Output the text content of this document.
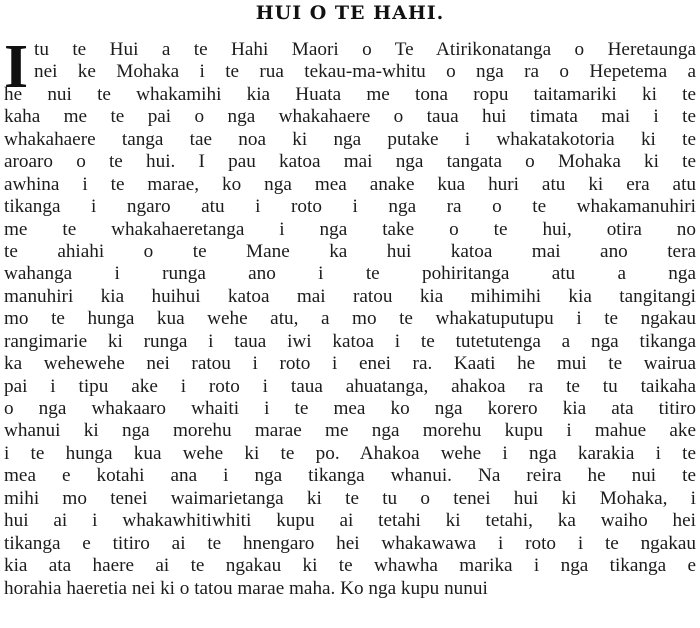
HUI O TE HAHI.
I tu te Hui a te Hahi Maori o Te Atirikonatanga o Heretaunga
nei ke Mohaka i te rua tekau-ma-whitu o nga ra o Hepetema a
he nui te whakamihi kia Huata me tona ropu taitamariki ki te
kaha me te pai o nga whakahaere o taua hui timata mai i te
whakahaere tanga tae noa ki nga putake i whakatakotoria ki te
aroaro o te hui. I pau katoa mai nga tangata o Mohaka ki te
awhina i te marae, ko nga mea anake kua huri atu ki era atu
tikanga i ngaro atu i roto i nga ra o te whakamanuhiri
me te whakahaeretanga i nga take o te hui, otira no
te ahiahi o te Mane ka hui katoa mai ano tera
wahanga i runga ano i te pohiritanga atu a nga
manuhiri kia huihui katoa mai ratou kia mihimihi kia tangitangi
mo te hunga kua wehe atu, a mo te whakatuputupu i te ngakau
rangimarie ki runga i taua iwi katoa i te tutetutenga a nga tikanga
ka wehewehe nei ratou i roto i enei ra. Kaati he mui te wairua
pai i tipu ake i roto i taua ahuatanga, ahakoa ra te tu taikaha
o nga whakaaro whaiti i te mea ko nga korero kia ata titiro
whanui ki nga morehu marae me nga morehu kupu i mahue ake
i te hunga kua wehe ki te po. Ahakoa wehe i nga karakia i te
mea e kotahi ana i nga tikanga whanui. Na reira he nui te
mihi mo tenei waimarietanga ki te tu o tenei hui ki Mohaka, i
hui ai i whakawhitiwhiti kupu ai tetahi ki tetahi, ka waiho hei
tikanga e titiro ai te hnengaro hei whakawawa i roto i te ngakau
kia ata haere ai te ngakau ki te whawha marika i nga tikanga e
horahia haeretia nei ki o tatou marae maha. Ko nga kupu nunui
